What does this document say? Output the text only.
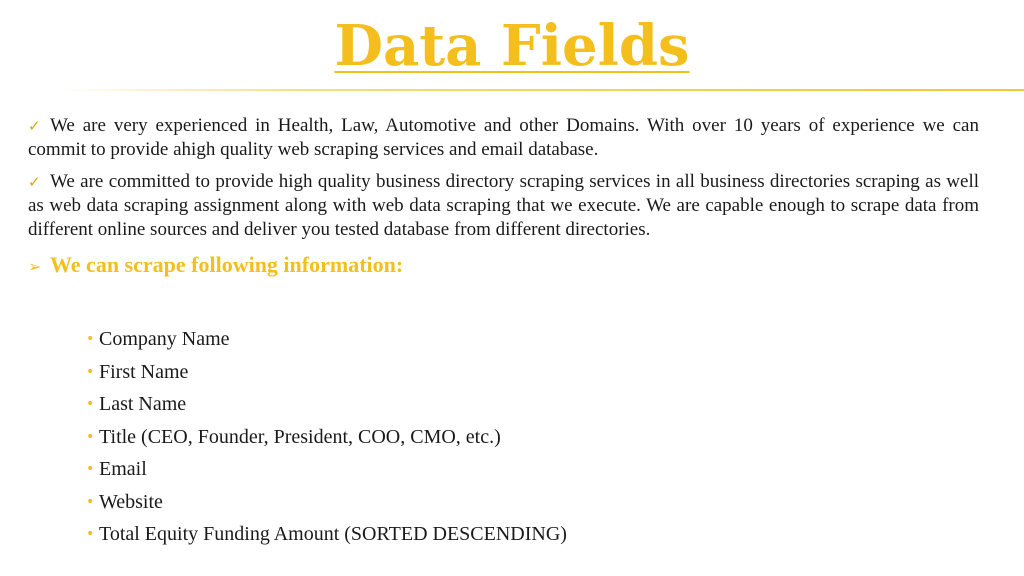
Data Fields

✓ We are very experienced in Health, Law, Automotive and other Domains. With over 10 years of experience we can commit to provide ahigh quality web scraping services and email database.

✓ We are committed to provide high quality business directory scraping services in all business directories scraping as well as web data scraping assignment along with web data scraping that we execute. We are capable enough to scrape data from different online sources and deliver you tested database from different directories.

➢ We can scrape following information:

• Company Name
• First Name
• Last Name
• Title (CEO, Founder, President, COO, CMO, etc.)
• Email
• Website
• Total Equity Funding Amount (SORTED DESCENDING)
